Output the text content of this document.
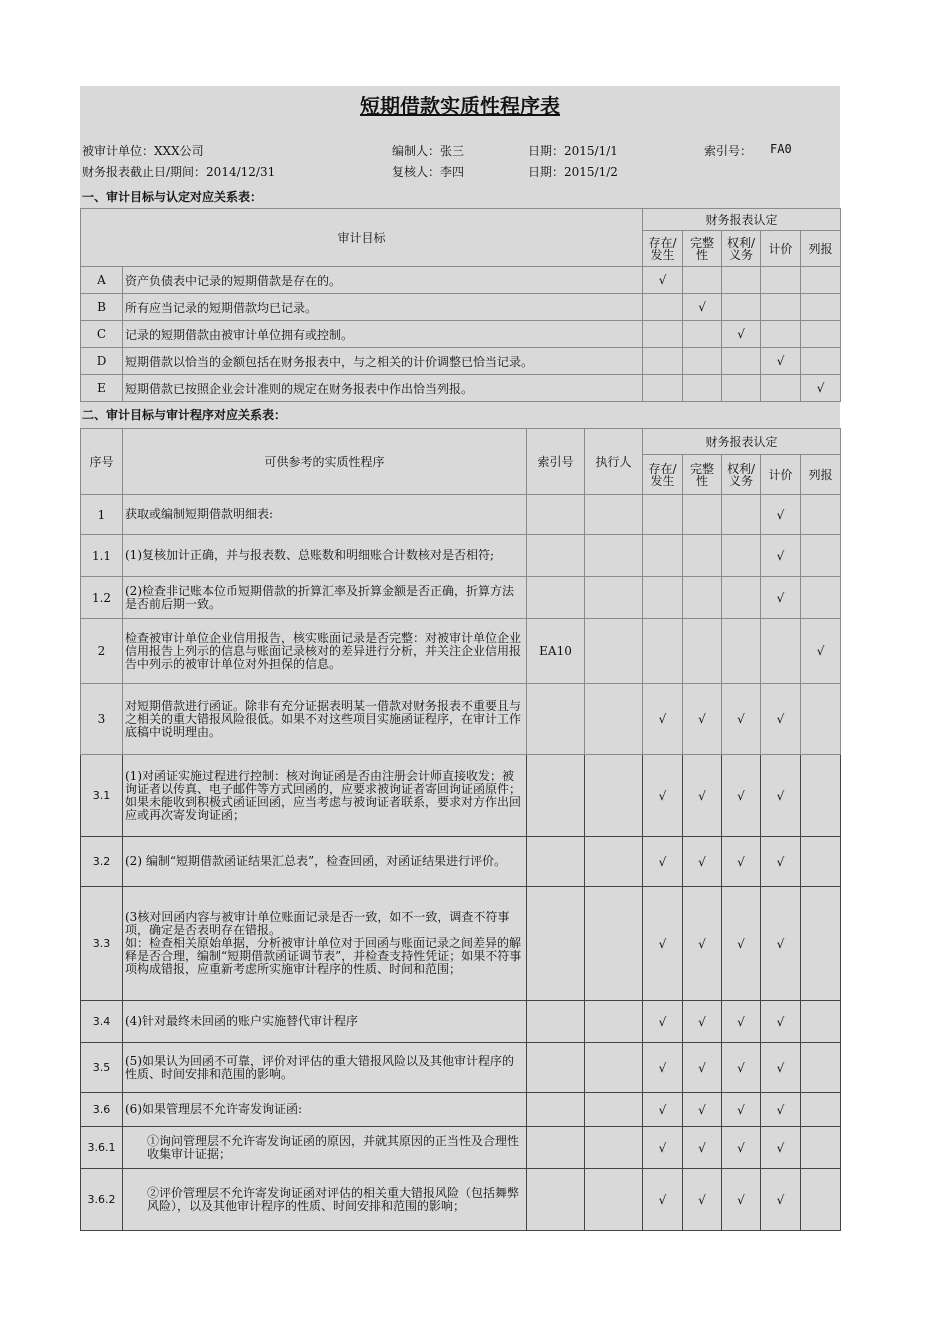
短期借款实质性程序表
被审计单位：XXX公司	编制人：张三	日期：2015/1/1	索引号： FA0
财务报表截止日/期间：2014/12/31	复核人：李四	日期：2015/1/2
一、审计目标与认定对应关系表：
审计目标		财务报表认定				
		存在/发生	完整性	权利/义务	计价	列报
A	资产负债表中记录的短期借款是存在的。	√				
B	所有应当记录的短期借款均已记录。		√			
C	记录的短期借款由被审计单位拥有或控制。			√		
D	短期借款以恰当的金额包括在财务报表中，与之相关的计价调整已恰当记录。				√	
E	短期借款已按照企业会计准则的规定在财务报表中作出恰当列报。					√
二、审计目标与审计程序对应关系表：
序号	可供参考的实质性程序	索引号	执行人	财务报表认定				
				存在/发生	完整性	权利/义务	计价	列报
1	获取或编制短期借款明细表:						√	
1.1	(1)复核加计正确，并与报表数、总账数和明细账合计数核对是否相符;						√	
1.2	(2)检查非记账本位币短期借款的折算汇率及折算金额是否正确，折算方法是否前后期一致。						√	
2	检查被审计单位企业信用报告，核实账面记录是否完整：对被审计单位企业信用报告上列示的信息与账面记录核对的差异进行分析，并关注企业信用报告中列示的被审计单位对外担保的信息。	EA10						√
3	对短期借款进行函证。除非有充分证据表明某一借款对财务报表不重要且与之相关的重大错报风险很低。如果不对这些项目实施函证程序，在审计工作底稿中说明理由。			√	√	√	√	
3.1	(1)对函证实施过程进行控制：核对询证函是否由注册会计师直接收发；被询证者以传真、电子邮件等方式回函的，应要求被询证者寄回询证函原件；如果未能收到积极式函证回函，应当考虑与被询证者联系，要求对方作出回应或再次寄发询证函；			√	√	√	√	
3.2	(2) 编制“短期借款函证结果汇总表”，检查回函，对函证结果进行评价。			√	√	√	√	
3.3	(3核对回函内容与被审计单位账面记录是否一致，如不一致，调查不符事项，确定是否表明存在错报。
如：检查相关原始单据，分析被审计单位对于回函与账面记录之间差异的解释是否合理，编制“短期借款函证调节表”，并检查支持性凭证；如果不符事项构成错报，应重新考虑所实施审计程序的性质、时间和范围；			√	√	√	√	
3.4	(4)针对最终未回函的账户实施替代审计程序			√	√	√	√	
3.5	(5)如果认为回函不可靠，评价对评估的重大错报风险以及其他审计程序的性质、时间安排和范围的影响。			√	√	√	√	
3.6	(6)如果管理层不允许寄发询证函:			√	√	√	√	
3.6.1	①询问管理层不允许寄发询证函的原因，并就其原因的正当性及合理性收集审计证据；			√	√	√	√	
3.6.2	②评价管理层不允许寄发询证函对评估的相关重大错报风险（包括舞弊风险），以及其他审计程序的性质、时间安排和范围的影响；			√	√	√	√	
